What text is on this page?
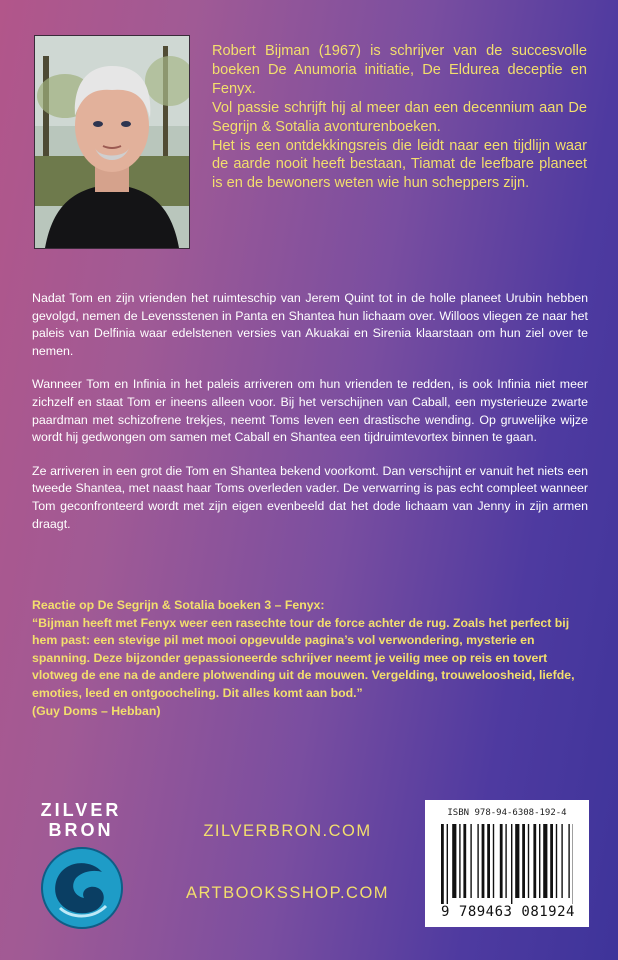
Robert Bijman (1967) is schrijver van de succesvolle boeken De Anumoria initiatie, De Eldurea deceptie en Fenyx.

Vol passie schrijft hij al meer dan een decennium aan De Segrijn & Sotalia avonturenboeken.

Het is een ontdekkingsreis die leidt naar een tijdlijn waar de aarde nooit heeft bestaan, Tiamat de leefbare planeet is en de bewoners weten wie hun scheppers zijn.

Nadat Tom en zijn vrienden het ruimteschip van Jerem Quint tot in de holle planeet Urubin hebben gevolgd, nemen de Levensstenen in Panta en Shantea hun lichaam over. Willoos vliegen ze naar het paleis van Delfinia waar edelstenen versies van Akuakai en Sirenia klaarstaan om hun ziel over te nemen.

Wanneer Tom en Infinia in het paleis arriveren om hun vrienden te redden, is ook Infinia niet meer zichzelf en staat Tom er ineens alleen voor. Bij het verschijnen van Caball, een mysterieuze zwarte paardman met schizofrene trekjes, neemt Toms leven een drastische wending. Op gruwelijke wijze wordt hij gedwongen om samen met Caball en Shantea een tijdruimtevortex binnen te gaan.

Ze arriveren in een grot die Tom en Shantea bekend voorkomt. Dan verschijnt er vanuit het niets een tweede Shantea, met naast haar Toms overleden vader. De verwarring is pas echt compleet wanneer Tom geconfronteerd wordt met zijn eigen evenbeeld dat het dode lichaam van Jenny in zijn armen draagt.

Reactie op De Segrijn & Sotalia boeken 3 – Fenyx:

“Bijman heeft met Fenyx weer een rasechte tour de force achter de rug. Zoals het perfect bij hem past: een stevige pil met mooi opgevulde pagina’s vol verwondering, mysterie en spanning. Deze bijzonder gepassioneerde schrijver neemt je veilig mee op reis en tovert vlotweg de ene na de andere plotwending uit de mouwen. Vergelding, trouweloosheid, liefde, emoties, leed en ontgoocheling. Dit alles komt aan bod.”

(Guy Doms – Hebban)

ZILVER
BRON	ZILVERBRON.COM
ARTBOOKSSHOP.COM
ISBN 978-94-6308-192-4
9 789463 081924
